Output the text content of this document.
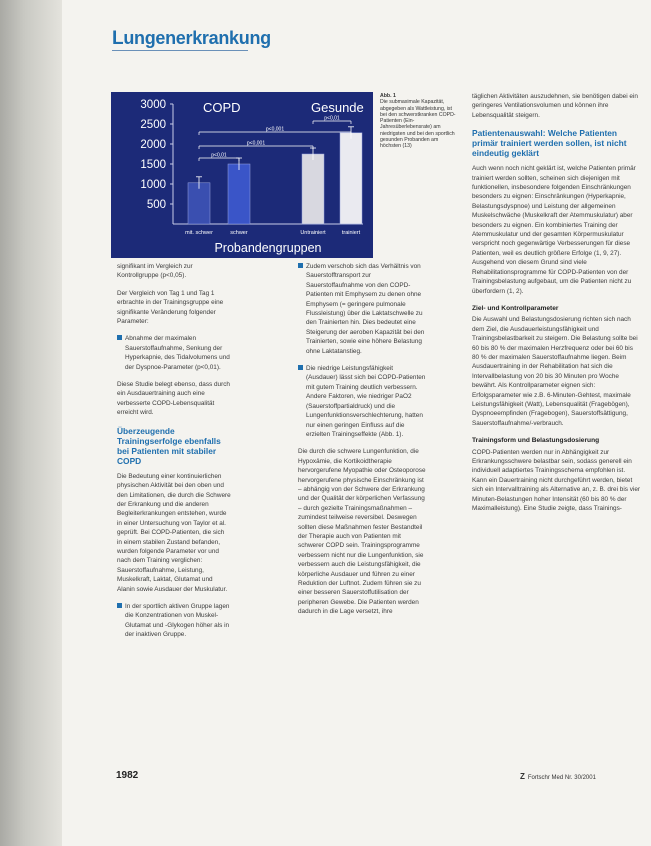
Lungenerkrankung
500
1000
1500
2000
2500
3000	COPD	Gesunde
p<0,01
p<0,001
p<0,001
p<0,01
mit. schwer	schwer	Untrainiert	trainiert
Probandengruppen
Abb. 1
Die submaximale Kapazität, abgegeben als Wattleistung, ist bei den schwerstkranken COPD-Patienten (Ein-Jahresüberlebensrate) am niedrigsten und bei den sportlich gesunden Probanden am höchsten (13)

signifikant im Vergleich zur Kontrollgruppe (p<0,05).

Der Vergleich von Tag 1 und Tag 1 erbrachte in der Trainingsgruppe eine signifikante Veränderung folgender Parameter:

Abnahme der maximalen Sauerstoffaufnahme, Senkung der Hyperkapnie, des Tidalvolumens und der Dyspnoe-Parameter (p<0,01).

Diese Studie belegt ebenso, dass durch ein Ausdauertraining auch eine verbesserte COPD-Lebensqualität erreicht wird.

Überzeugende Trainingserfolge ebenfalls bei Patienten mit stabiler COPD

Die Bedeutung einer kontinuierlichen physischen Aktivität bei den oben und den Limitationen, die durch die Schwere der Erkrankung und die anderen Begleiterkrankungen entstehen, wurde in einer Untersuchung von Taylor et al. geprüft. Bei COPD-Patienten, die sich in einem stabilen Zustand befanden, wurden folgende Parameter vor und nach dem Training verglichen: Sauerstoffaufnahme, Leistung, Muskelkraft, Laktat, Glutamat und Alanin sowie Ausdauer der Muskulatur.

In der sportlich aktiven Gruppe lagen die Konzentrationen von Muskel-Glutamat und -Glykogen höher als in der inaktiven Gruppe.
Zudem verschob sich das Verhältnis von Sauerstofftransport zur Sauerstoffaufnahme von den COPD-Patienten mit Emphysem zu denen ohne Emphysem (= geringere pulmonale Flussleistung) über die Laktatschwelle zu den Trainierten hin. Dies bedeutet eine Steigerung der aeroben Kapazität bei den Trainierten, sowie eine höhere Belastung ohne Laktatanstieg.
Die niedrige Leistungsfähigkeit (Ausdauer) lässt sich bei COPD-Patienten mit gutem Training deutlich verbessern. Andere Faktoren, wie niedriger PaO2 (Sauerstoffpartialdruck) und die Lungenfunktionsverschlechterung, hatten nur einen geringen Einfluss auf die erzielten Trainingseffekte (Abb. 1).

Die durch die schwere Lungenfunktion, die Hypoxämie, die Kortikoidtherapie hervorgerufene Myopathie oder Osteoporose hervorgerufene physische Einschränkung ist – abhängig von der Schwere der Erkrankung und der Qualität der körperlichen Verfassung – durch gezielte Trainingsmaßnahmen – zumindest teilweise reversibel. Deswegen sollten diese Maßnahmen fester Bestandteil der Therapie auch von Patienten mit schwerer COPD sein. Trainingsprogramme verbessern nicht nur die Lungenfunktion, sie verbessern auch die Leistungsfähigkeit, die körperliche Ausdauer und führen zu einer Reduktion der Luftnot. Zudem führen sie zu einer besseren Sauerstoffutilisation der peripheren Gewebe. Die Patienten werden dadurch in die Lage versetzt, ihre

täglichen Aktivitäten auszudehnen, sie benötigen dabei ein geringeres Ventilationsvolumen und können ihre Lebensqualität steigern.

Patientenauswahl: Welche Patienten primär trainiert werden sollen, ist nicht eindeutig geklärt

Auch wenn noch nicht geklärt ist, welche Patienten primär trainiert werden sollten, scheinen sich diejenigen mit funktionellen, insbesondere folgenden Einschränkungen besonders zu eignen: Einschränkungen (Hyperkapnie, Belastungsdyspnoe) und Leistung der allgemeinen Muskelschwäche (Muskelkraft der Atemmuskulatur) aber besonders zu eignen. Ein kombiniertes Training der Atemmuskulatur und der gesamten Körpermuskulatur verspricht noch gegenwärtige Verbesserungen für diese Patienten, weil es deutlich größere Erfolge (1, 9, 27). Ausgehend von diesem Grund sind viele Rehabilitationsprogramme für COPD-Patienten von der Trainingsbelastung aufgebaut, um die Patienten nicht zu überfordern (1, 2).

Ziel- und Kontrollparameter

Die Auswahl und Belastungsdosierung richten sich nach dem Ziel, die Ausdauerleistungsfähigkeit und Trainingsbelastbarkeit zu steigern. Die Belastung sollte bei 60 bis 80 % der maximalen Herzfrequenz oder bei 60 bis 80 % der maximalen Sauerstoffaufnahme liegen. Beim Ausdauertraining in der Rehabilitation hat sich die Intervallbelastung von 20 bis 30 Minuten pro Woche bewährt. Als Kontrollparameter eignen sich: Erfolgsparameter wie z.B. 6-Minuten-Gehtest, maximale Leistungsfähigkeit (Watt), Lebensqualität (Fragebögen), Dyspnoeempfinden (Fragebogen), Sauerstoffsättigung, Sauerstoffaufnahme/-verbrauch.

Trainingsform und Belastungsdosierung

COPD-Patienten werden nur in Abhängigkeit zur Erkrankungsschwere belastbar sein, sodass generell ein individuell adaptiertes Trainingsschema empfohlen ist. Kann ein Dauertraining nicht durchgeführt werden, bietet sich ein Intervalltraining als Alternative an, z. B. drei bis vier Minuten-Belastungen hoher Intensität (60 bis 80 % der Maximalleistung). Eine Studie zeigte, dass Trainings-

1982	Z Fortschr Med Nr. 30/2001
